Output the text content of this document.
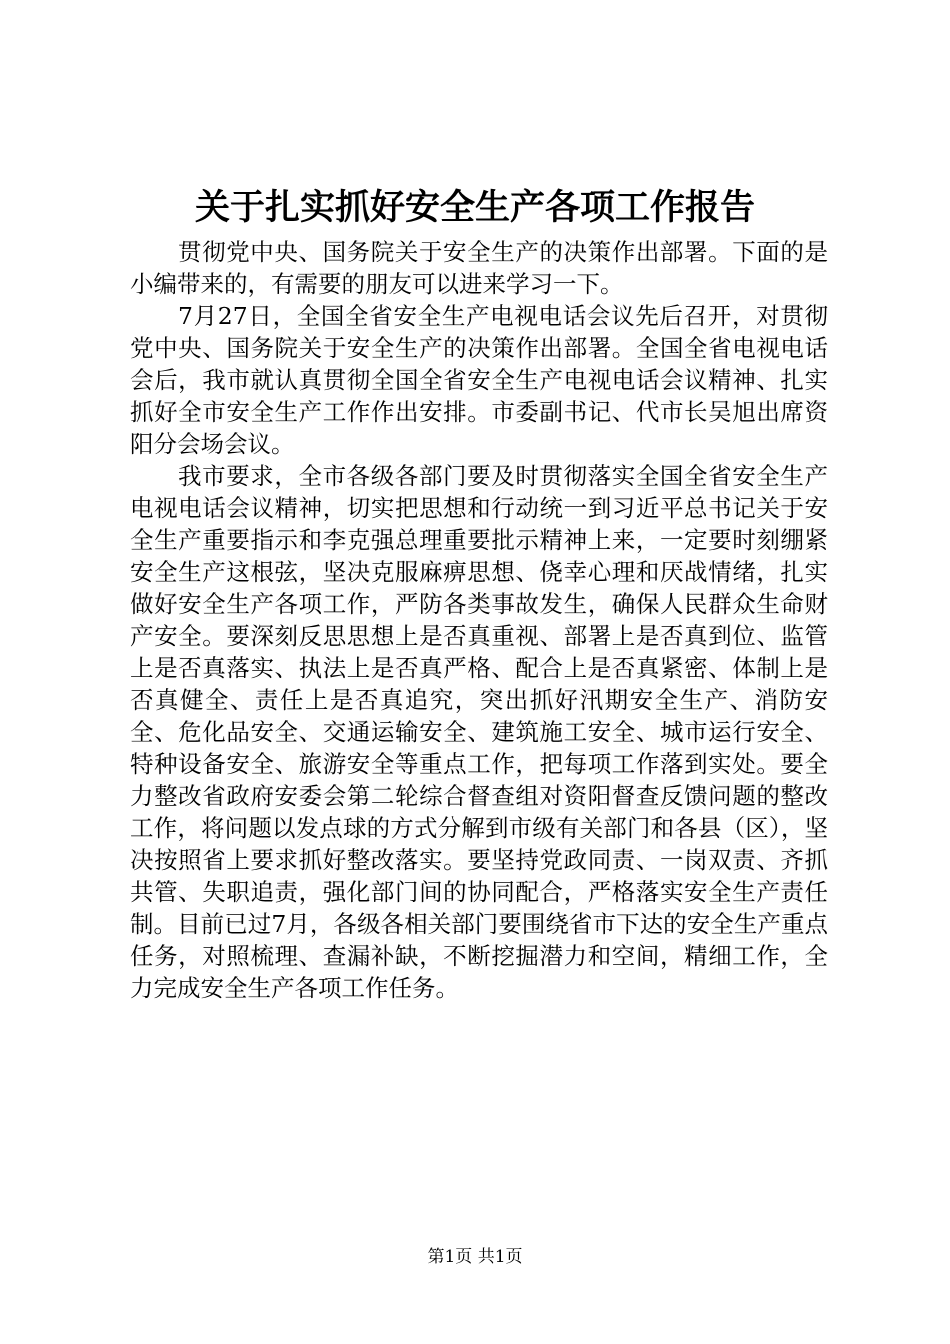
关于扎实抓好安全生产各项工作报告

贯彻党中央、国务院关于安全生产的决策作出部署。下面的是小编带来的，有需要的朋友可以进来学习一下。

7月27日，全国全省安全生产电视电话会议先后召开，对贯彻党中央、国务院关于安全生产的决策作出部署。全国全省电视电话会后，我市就认真贯彻全国全省安全生产电视电话会议精神、扎实抓好全市安全生产工作作出安排。市委副书记、代市长吴旭出席资阳分会场会议。

我市要求，全市各级各部门要及时贯彻落实全国全省安全生产电视电话会议精神，切实把思想和行动统一到习近平总书记关于安全生产重要指示和李克强总理重要批示精神上来，一定要时刻绷紧安全生产这根弦，坚决克服麻痹思想、侥幸心理和厌战情绪，扎实做好安全生产各项工作，严防各类事故发生，确保人民群众生命财产安全。要深刻反思思想上是否真重视、部署上是否真到位、监管上是否真落实、执法上是否真严格、配合上是否真紧密、体制上是否真健全、责任上是否真追究，突出抓好汛期安全生产、消防安全、危化品安全、交通运输安全、建筑施工安全、城市运行安全、特种设备安全、旅游安全等重点工作，把每项工作落到实处。要全力整改省政府安委会第二轮综合督查组对资阳督查反馈问题的整改工作，将问题以发点球的方式分解到市级有关部门和各县（区），坚决按照省上要求抓好整改落实。要坚持党政同责、一岗双责、齐抓共管、失职追责，强化部门间的协同配合，严格落实安全生产责任制。目前已过7月，各级各相关部门要围绕省市下达的安全生产重点任务，对照梳理、查漏补缺，不断挖掘潜力和空间，精细工作，全力完成安全生产各项工作任务。

第1页 共1页
